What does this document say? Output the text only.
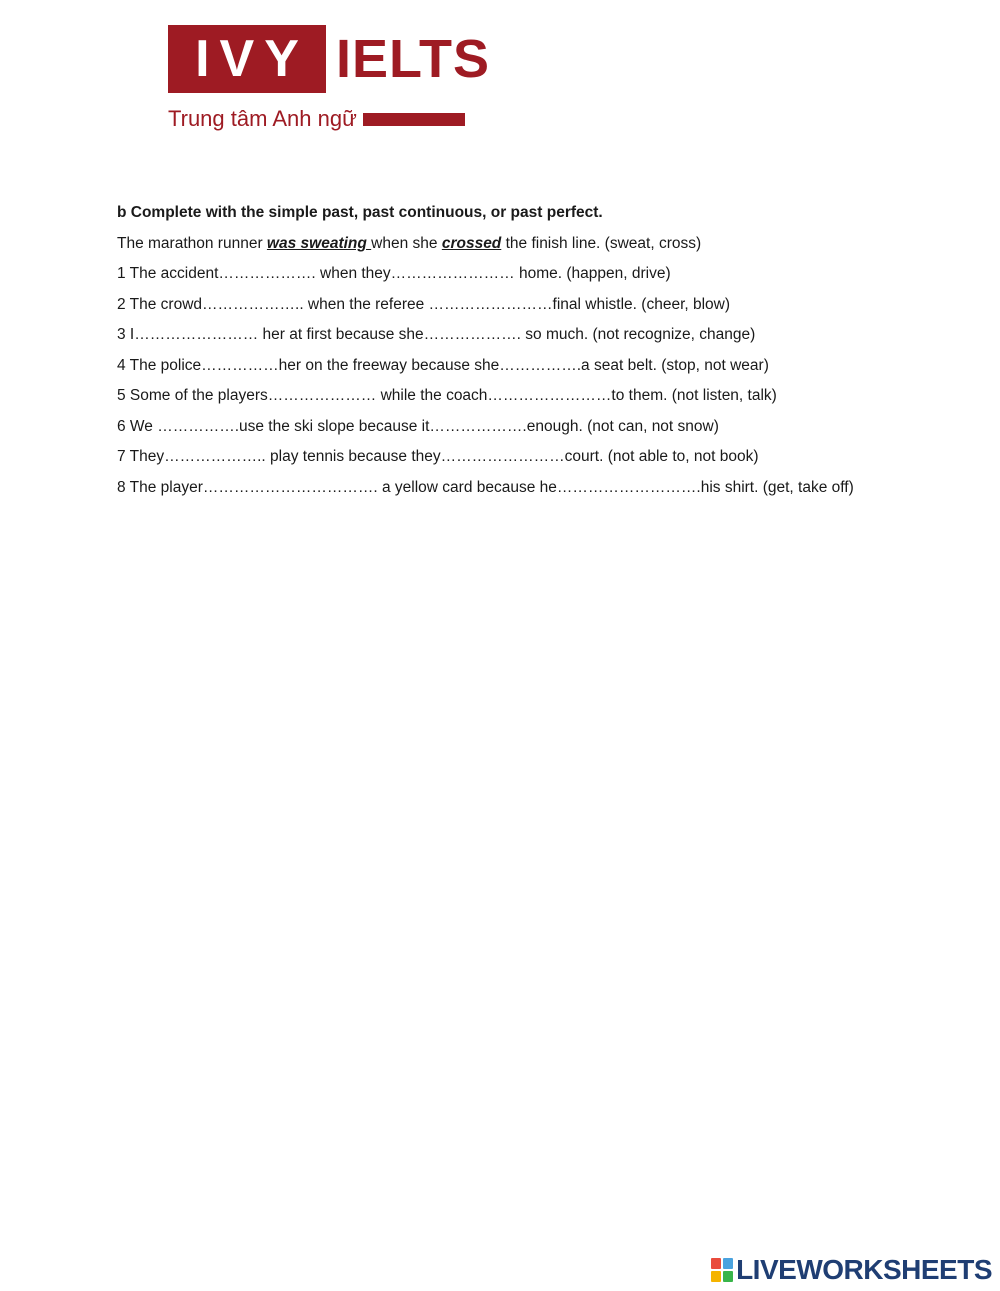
IVY IELTS
Trung tâm Anh ngữ
b Complete with the simple past, past continuous, or past perfect.
The marathon runner was sweating when she crossed the finish line. (sweat, cross)
1 The accident………………. when they…………………… home. (happen, drive)
2 The crowd……………….. when the referee ……………………final whistle. (cheer, blow)
3 I…………………… her at first because she………………. so much. (not recognize, change)
4 The police……………her on the freeway because she…………….a seat belt. (stop, not wear)
5 Some of the players………………… while the coach……………………to them. (not listen, talk)
6 We …………….use the ski slope because it……………….enough. (not can, not snow)
7 They……………….. play tennis because they……………………court. (not able to, not book)
8 The player……………………………. a yellow card because he……………………….his shirt. (get, take off)
LIVEWORKSHEETS
